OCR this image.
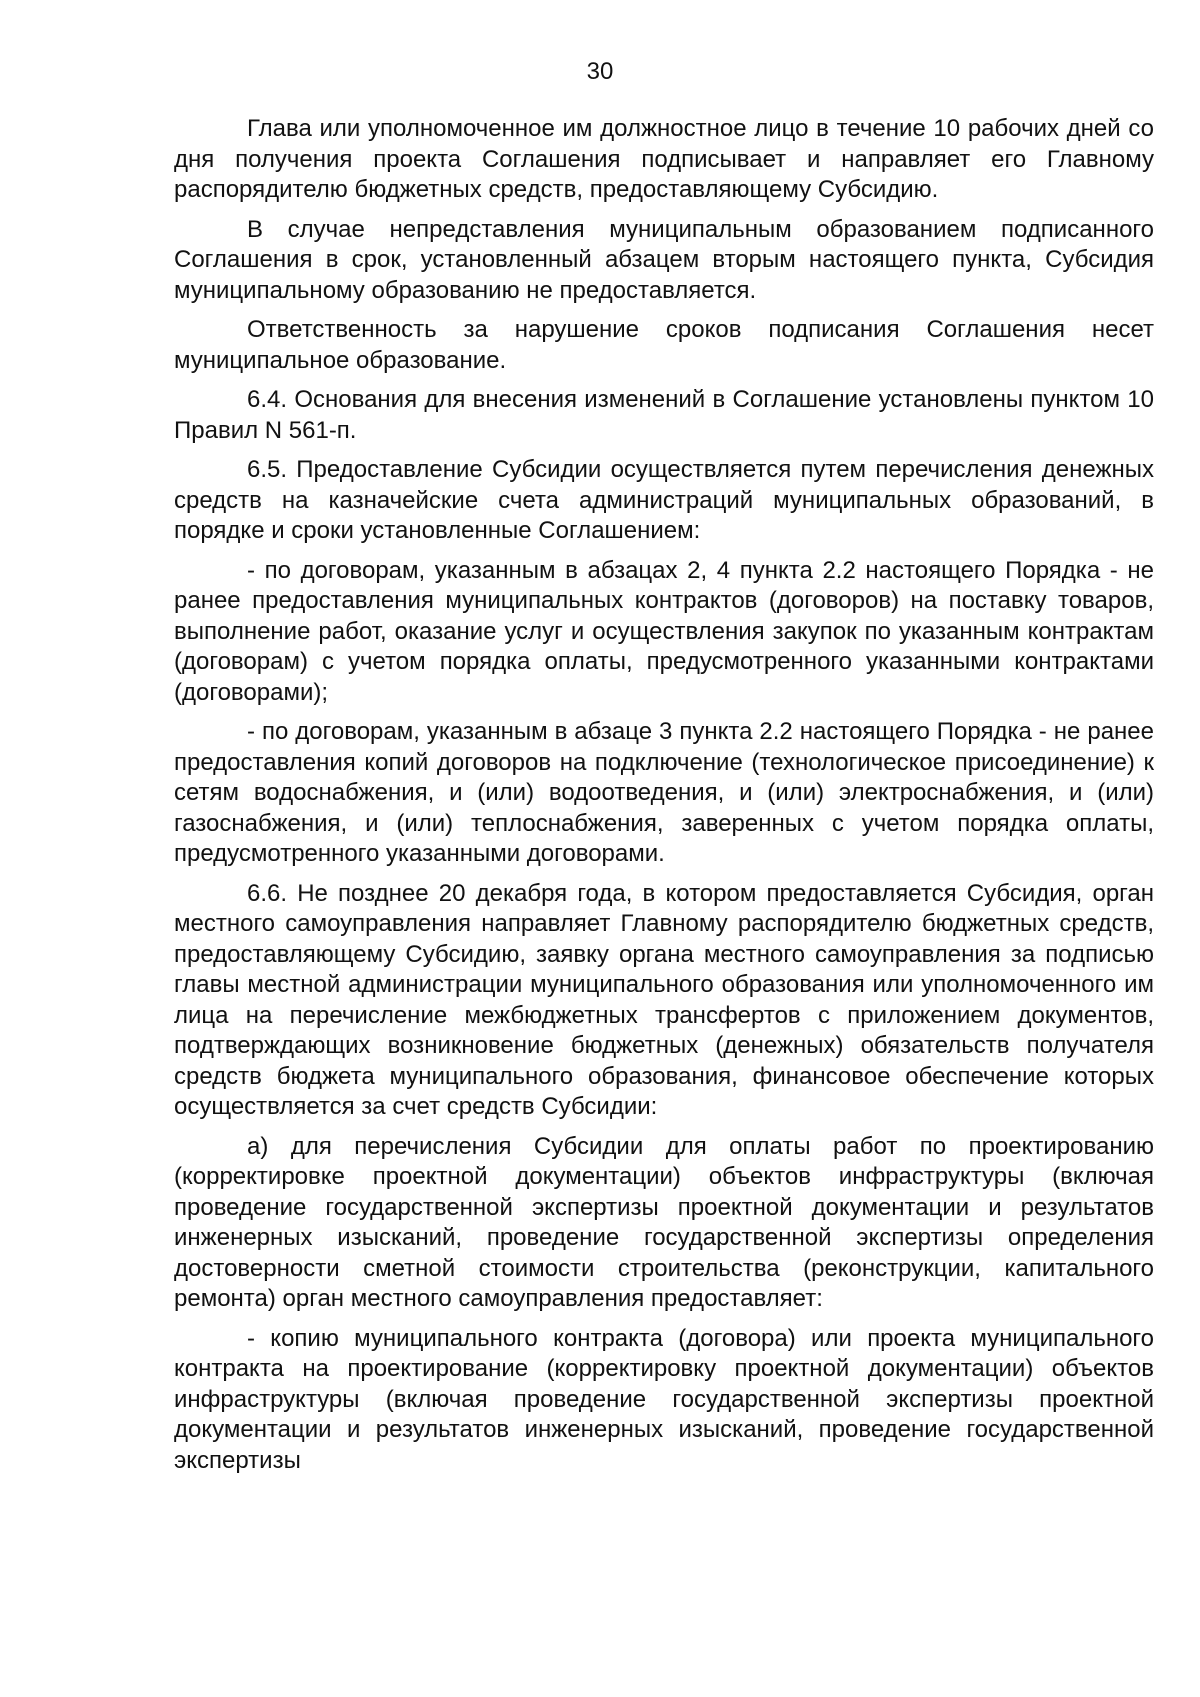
30

Глава или уполномоченное им должностное лицо в течение 10 рабочих дней со дня получения проекта Соглашения подписывает и направляет его Главному распорядителю бюджетных средств, предоставляющему Субсидию.

В случае непредставления муниципальным образованием подписанного Соглашения в срок, установленный абзацем вторым настоящего пункта, Субсидия муниципальному образованию не предоставляется.

Ответственность за нарушение сроков подписания Соглашения несет муниципальное образование.

6.4. Основания для внесения изменений в Соглашение установлены пунктом 10 Правил N 561-п.

6.5. Предоставление Субсидии осуществляется путем перечисления денежных средств на казначейские счета администраций муниципальных образований, в порядке и сроки установленные Соглашением:

- по договорам, указанным в абзацах 2, 4 пункта 2.2 настоящего Порядка - не ранее предоставления муниципальных контрактов (договоров) на поставку товаров, выполнение работ, оказание услуг и осуществления закупок по указанным контрактам (договорам) с учетом порядка оплаты, предусмотренного указанными контрактами (договорами);

- по договорам, указанным в абзаце 3 пункта 2.2 настоящего Порядка - не ранее предоставления копий договоров на подключение (технологическое присоединение) к сетям водоснабжения, и (или) водоотведения, и (или) электроснабжения, и (или) газоснабжения, и (или) теплоснабжения, заверенных с учетом порядка оплаты, предусмотренного указанными договорами.

6.6. Не позднее 20 декабря года, в котором предоставляется Субсидия, орган местного самоуправления направляет Главному распорядителю бюджетных средств, предоставляющему Субсидию, заявку органа местного самоуправления за подписью главы местной администрации муниципального образования или уполномоченного им лица на перечисление межбюджетных трансфертов с приложением документов, подтверждающих возникновение бюджетных (денежных) обязательств получателя средств бюджета муниципального образования, финансовое обеспечение которых осуществляется за счет средств Субсидии:

а) для перечисления Субсидии для оплаты работ по проектированию (корректировке проектной документации) объектов инфраструктуры (включая проведение государственной экспертизы проектной документации и результатов инженерных изысканий, проведение государственной экспертизы определения достоверности сметной стоимости строительства (реконструкции, капитального ремонта) орган местного самоуправления предоставляет:

- копию муниципального контракта (договора) или проекта муниципального контракта на проектирование (корректировку проектной документации) объектов инфраструктуры (включая проведение государственной экспертизы проектной документации и результатов инженерных изысканий, проведение государственной экспертизы
